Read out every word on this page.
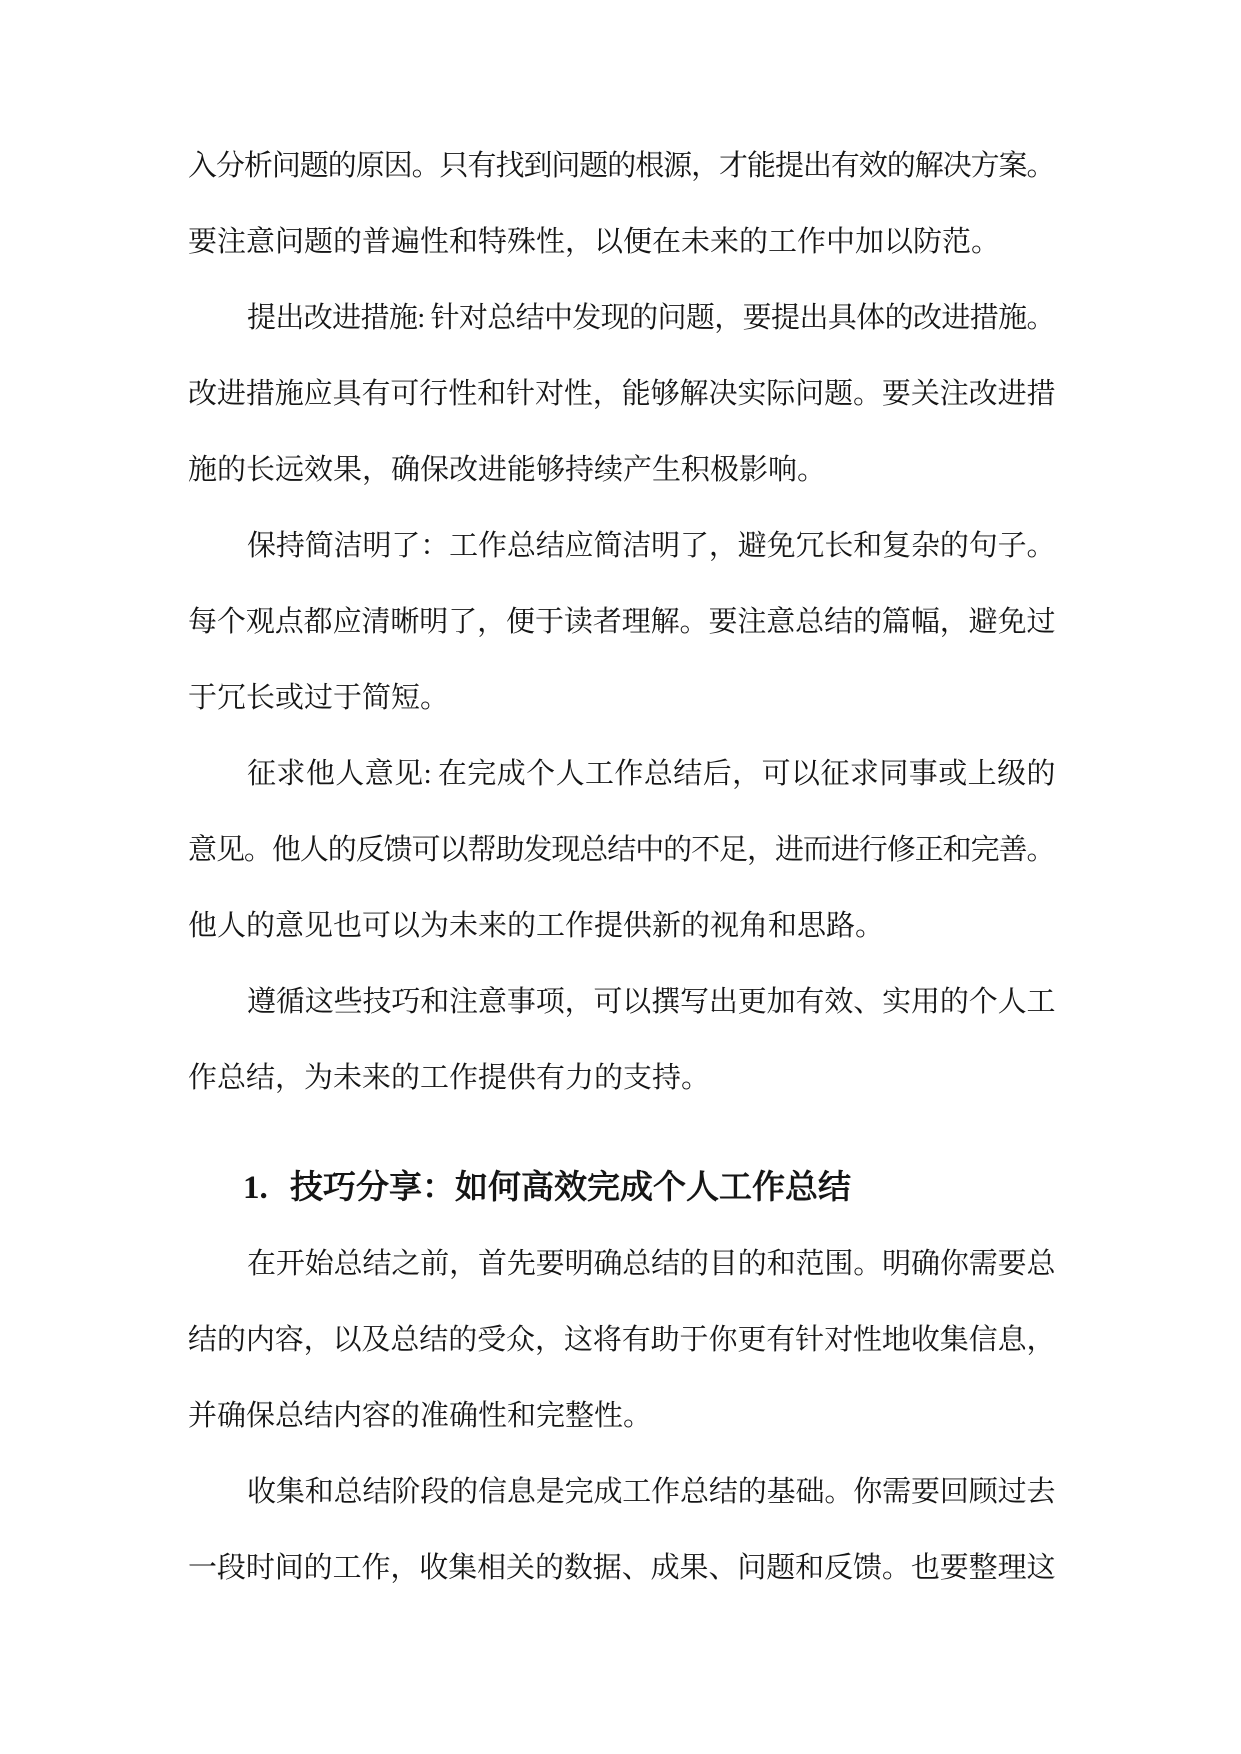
入分析问题的原因。只有找到问题的根源，才能提出有效的解决方案。
要注意问题的普遍性和特殊性，以便在未来的工作中加以防范。
提出改进措施: 针对总结中发现的问题，要提出具体的改进措施。
改进措施应具有可行性和针对性，能够解决实际问题。要关注改进措
施的长远效果，确保改进能够持续产生积极影响。
保持简洁明了：工作总结应简洁明了，避免冗长和复杂的句子。
每个观点都应清晰明了，便于读者理解。要注意总结的篇幅，避免过
于冗长或过于简短。
征求他人意见: 在完成个人工作总结后，可以征求同事或上级的
意见。他人的反馈可以帮助发现总结中的不足，进而进行修正和完善。
他人的意见也可以为未来的工作提供新的视角和思路。
遵循这些技巧和注意事项，可以撰写出更加有效、实用的个人工
作总结，为未来的工作提供有力的支持。
1. 技巧分享：如何高效完成个人工作总结
在开始总结之前，首先要明确总结的目的和范围。明确你需要总
结的内容，以及总结的受众，这将有助于你更有针对性地收集信息，
并确保总结内容的准确性和完整性。
收集和总结阶段的信息是完成工作总结的基础。你需要回顾过去
一段时间的工作，收集相关的数据、成果、问题和反馈。也要整理这
